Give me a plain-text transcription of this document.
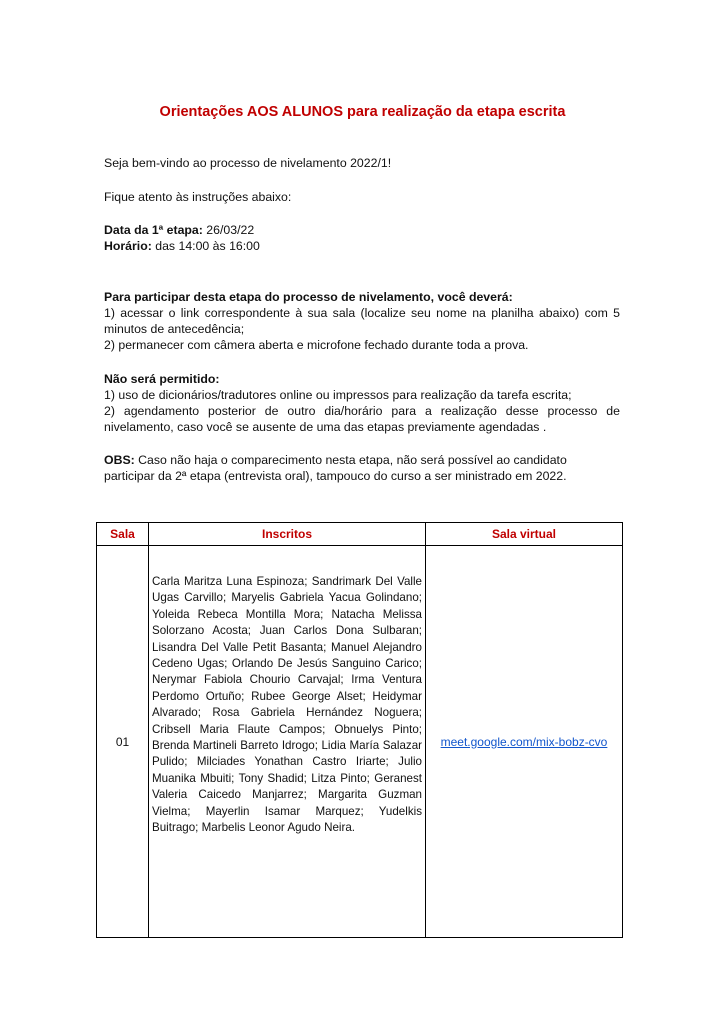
Orientações AOS ALUNOS para realização da etapa escrita
Seja bem-vindo ao processo de nivelamento 2022/1!
Fique atento às instruções abaixo:
Data da 1ª etapa: 26/03/22
Horário: das 14:00 às 16:00
Para participar desta etapa do processo de nivelamento, você deverá:
1) acessar o link correspondente à sua sala (localize seu nome na planilha abaixo) com 5 minutos de antecedência;
2) permanecer com câmera aberta e microfone fechado durante toda a prova.
Não será permitido:
1) uso de dicionários/tradutores online ou impressos para realização da tarefa escrita;
2) agendamento posterior de outro dia/horário para a realização desse processo de nivelamento, caso você se ausente de uma das etapas previamente agendadas .
OBS: Caso não haja o comparecimento nesta etapa, não será possível ao candidato participar da 2ª etapa (entrevista oral), tampouco do curso a ser ministrado em 2022.
Sala	Inscritos	Sala virtual
01	Carla Maritza Luna Espinoza; Sandrimark Del Valle Ugas Carvillo; Maryelis Gabriela Yacua Golindano; Yoleida Rebeca Montilla Mora; Natacha Melissa Solorzano Acosta; Juan Carlos Dona Sulbaran; Lisandra Del Valle Petit Basanta; Manuel Alejandro Cedeno Ugas; Orlando De Jesús Sanguino Carico; Nerymar Fabiola Chourio Carvajal; Irma Ventura Perdomo Ortuño; Rubee George Alset; Heidymar Alvarado; Rosa Gabriela Hernández Noguera; Cribsell Maria Flaute Campos; Obnuelys Pinto; Brenda Martineli Barreto Idrogo; Lidia María Salazar Pulido; Milciades Yonathan Castro Iriarte; Julio Muanika Mbuiti; Tony Shadid; Litza Pinto; Geranest Valeria Caicedo Manjarrez; Margarita Guzman Vielma; Mayerlin Isamar Marquez; Yudelkis Buitrago; Marbelis Leonor Agudo Neira.	meet.google.com/mix-bobz-cvo
